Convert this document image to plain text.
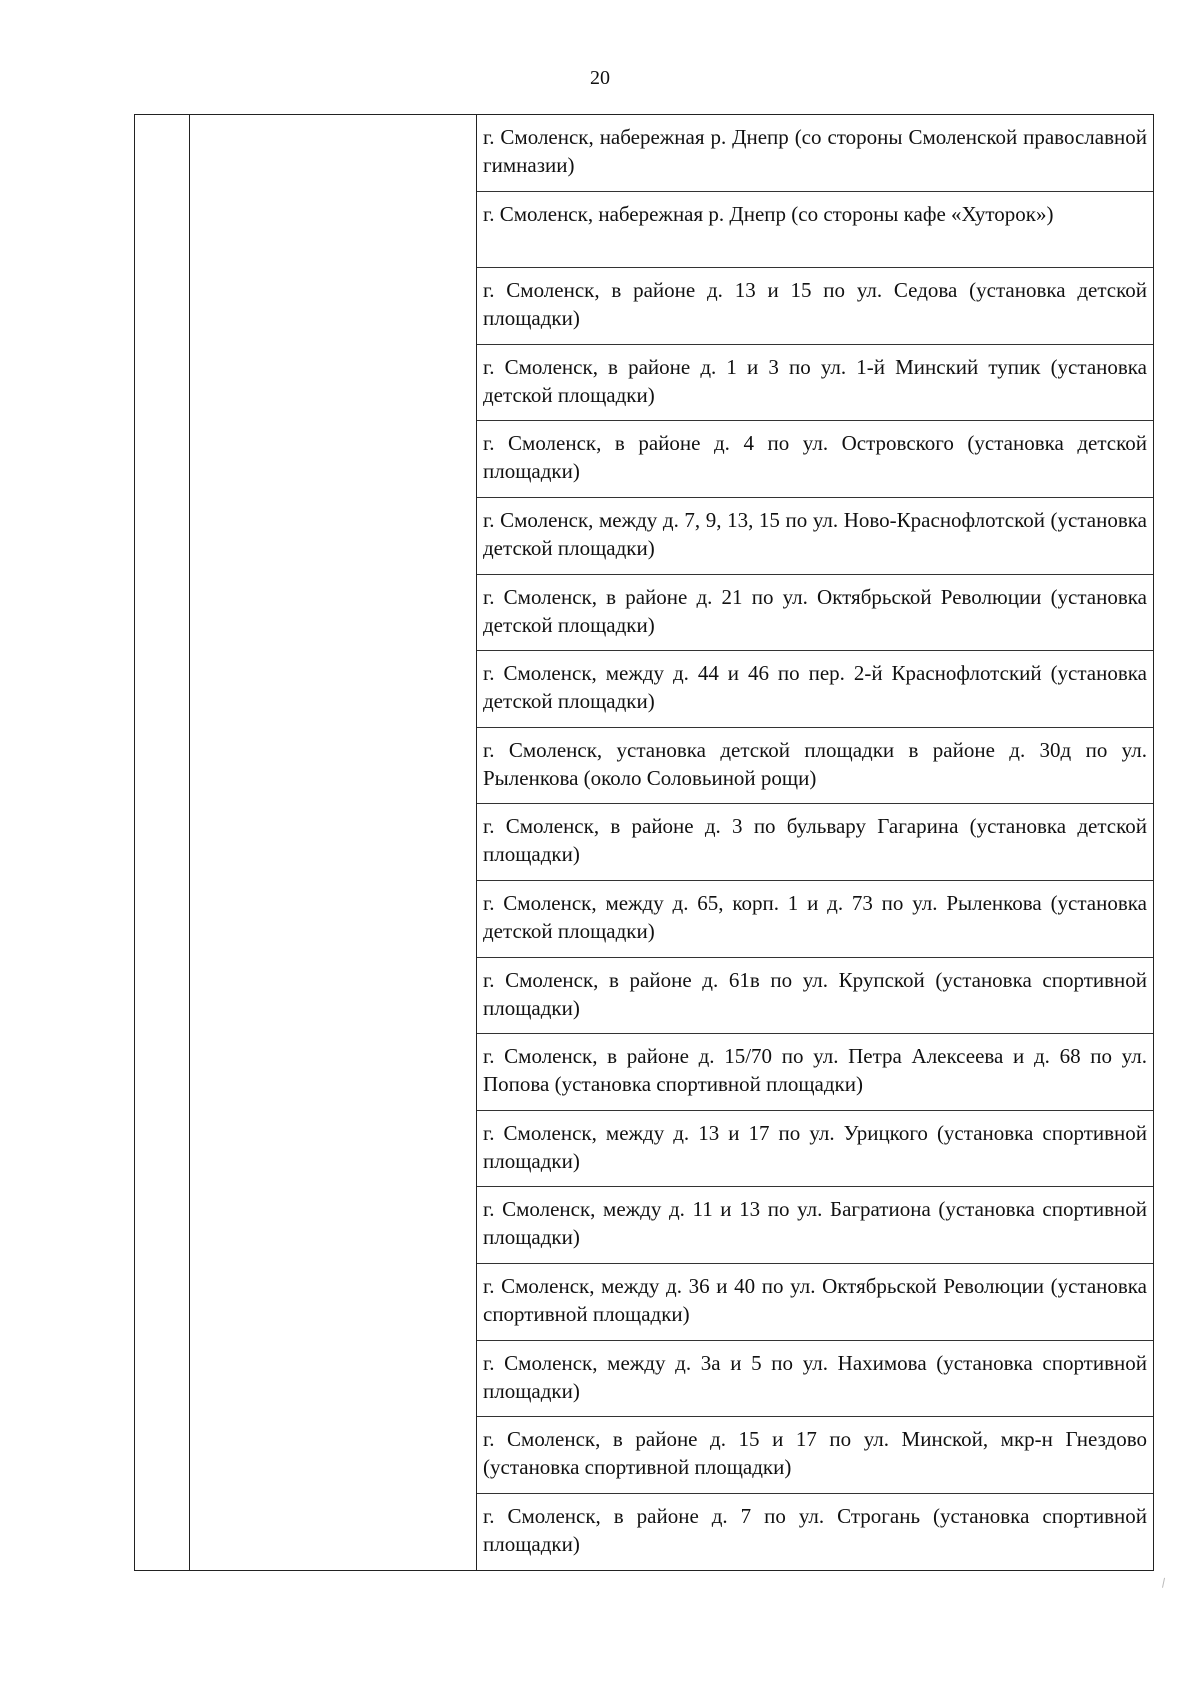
20
г. Смоленск, набережная р. Днепр (со стороны Смоленской православной гимназии)
г. Смоленск, набережная р. Днепр (со стороны кафе «Хуторок»)
г. Смоленск, в районе д. 13 и 15 по ул. Седова (установка детской площадки)
г. Смоленск, в районе д. 1 и 3 по ул. 1-й Минский тупик (установка детской площадки)
г. Смоленск, в районе д. 4 по ул. Островского (установка детской площадки)
г. Смоленск, между д. 7, 9, 13, 15 по ул. Ново-Краснофлотской (установка детской площадки)
г. Смоленск, в районе д. 21 по ул. Октябрьской Революции (установка детской площадки)
г. Смоленск, между д. 44 и 46 по пер. 2-й Краснофлотский (установка детской площадки)
г. Смоленск, установка детской площадки в районе д. 30д по ул. Рыленкова (около Соловьиной рощи)
г. Смоленск, в районе д. 3 по бульвару Гагарина (установка детской площадки)
г. Смоленск, между д. 65, корп. 1 и д. 73 по ул. Рыленкова (установка детской площадки)
г. Смоленск, в районе д. 61в по ул. Крупской (установка спортивной площадки)
г. Смоленск, в районе д. 15/70 по ул. Петра Алексеева и д. 68 по ул. Попова (установка спортивной площадки)
г. Смоленск, между д. 13 и 17 по ул. Урицкого (установка спортивной площадки)
г. Смоленск, между д. 11 и 13 по ул. Багратиона (установка спортивной площадки)
г. Смоленск, между д. 36 и 40 по ул. Октябрьской Революции (установка спортивной площадки)
г. Смоленск, между д. 3а и 5 по ул. Нахимова (установка спортивной площадки)
г. Смоленск, в районе д. 15 и 17 по ул. Минской, мкр-н Гнездово (установка спортивной площадки)
г. Смоленск, в районе д. 7 по ул. Строгань (установка спортивной площадки)
